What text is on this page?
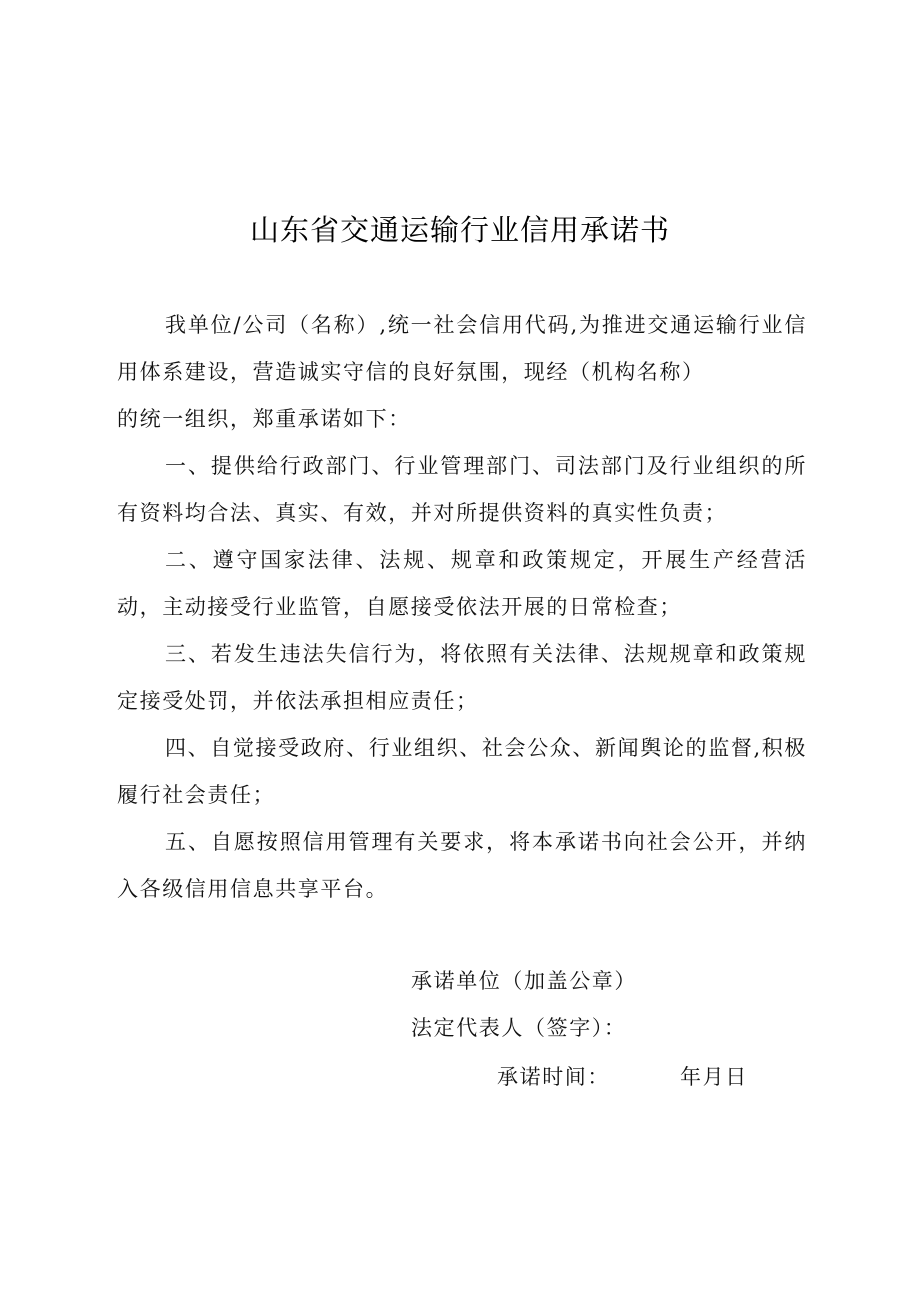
山东省交通运输行业信用承诺书

我单位/公司（名称）,统一社会信用代码,为推进交通运输行业信用体系建设，营造诚实守信的良好氛围，现经（机构名称）

的统一组织，郑重承诺如下：

一、提供给行政部门、行业管理部门、司法部门及行业组织的所有资料均合法、真实、有效，并对所提供资料的真实性负责；

二、遵守国家法律、法规、规章和政策规定，开展生产经营活动，主动接受行业监管，自愿接受依法开展的日常检查；

三、若发生违法失信行为，将依照有关法律、法规规章和政策规定接受处罚，并依法承担相应责任；

四、自觉接受政府、行业组织、社会公众、新闻舆论的监督,积极履行社会责任；

五、自愿按照信用管理有关要求，将本承诺书向社会公开，并纳入各级信用信息共享平台。

承诺单位（加盖公章）
法定代表人（签字）：
承诺时间：	年月日
